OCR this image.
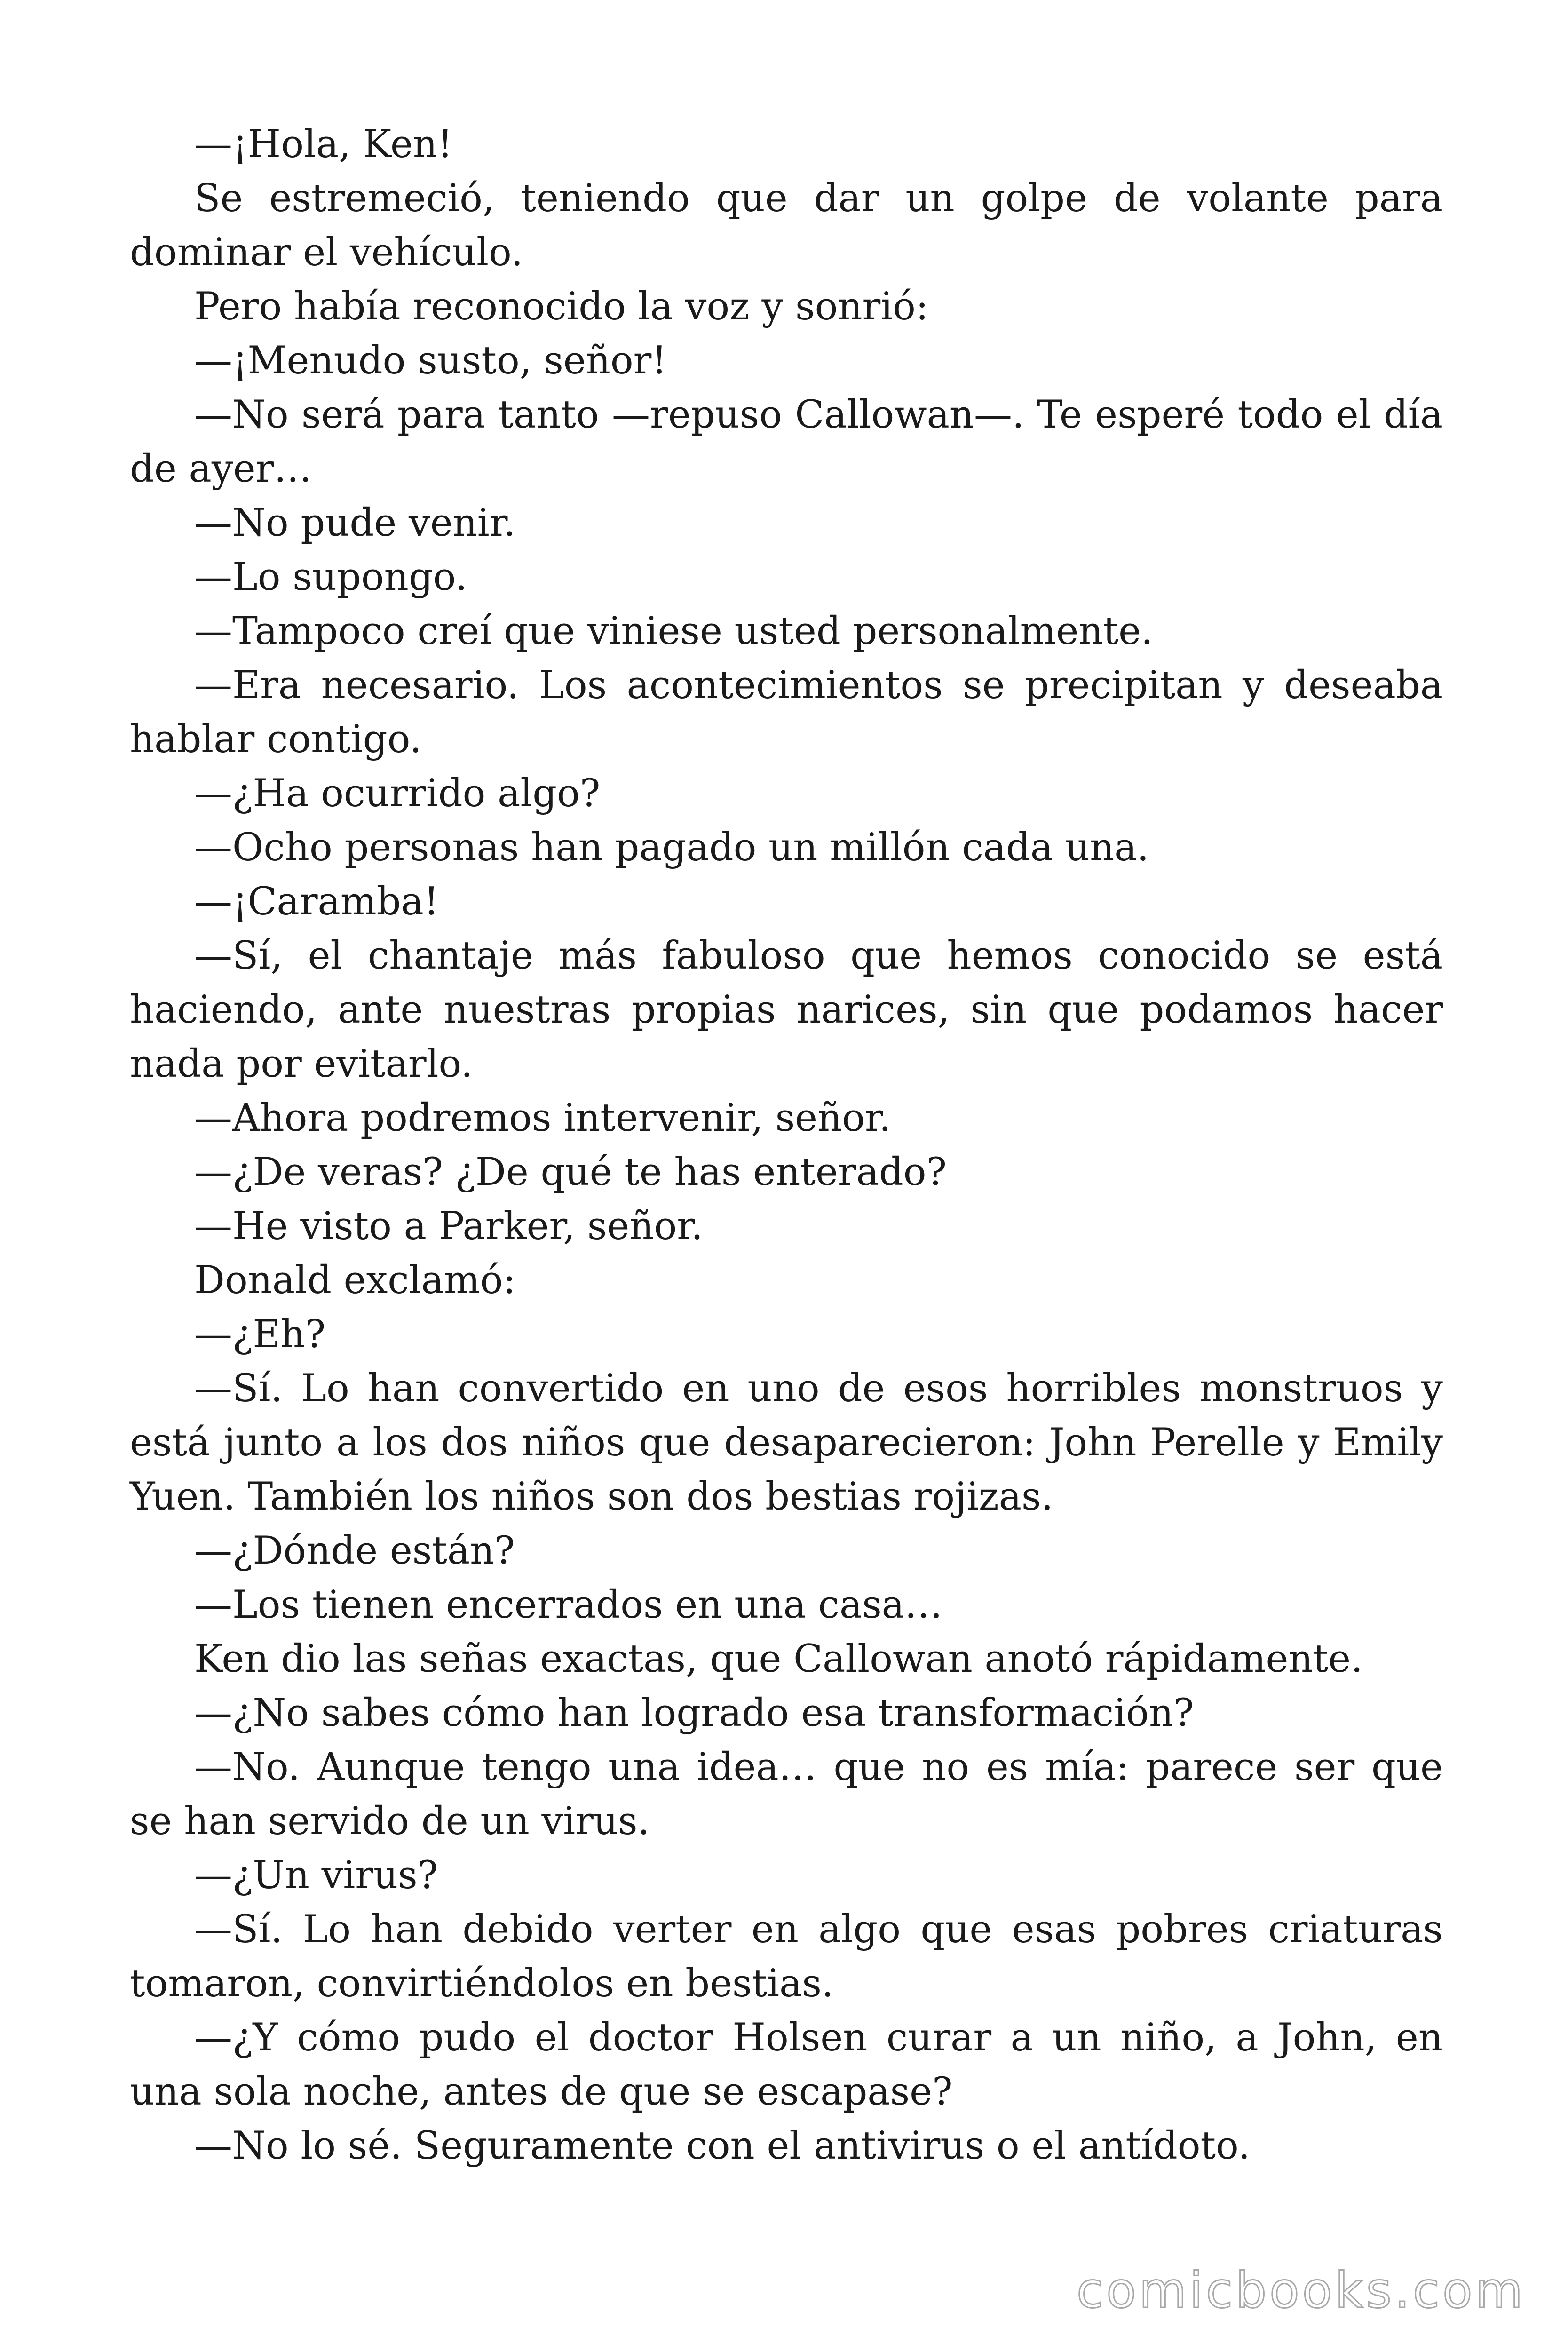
—¡Hola, Ken!

Se estremeció, teniendo que dar un golpe de volante para dominar el vehículo.

Pero había reconocido la voz y sonrió:

—¡Menudo susto, señor!

—No será para tanto —repuso Callowan—. Te esperé todo el día de ayer…

—No pude venir.

—Lo supongo.

—Tampoco creí que viniese usted personalmente.

—Era necesario. Los acontecimientos se precipitan y deseaba hablar contigo.

—¿Ha ocurrido algo?

—Ocho personas han pagado un millón cada una.

—¡Caramba!

—Sí, el chantaje más fabuloso que hemos conocido se está haciendo, ante nuestras propias narices, sin que podamos hacer nada por evitarlo.

—Ahora podremos intervenir, señor.

—¿De veras? ¿De qué te has enterado?

—He visto a Parker, señor.

Donald exclamó:

—¿Eh?

—Sí. Lo han convertido en uno de esos horribles monstruos y está junto a los dos niños que desaparecieron: John Perelle y Emily Yuen. También los niños son dos bestias rojizas.

—¿Dónde están?

—Los tienen encerrados en una casa…

Ken dio las señas exactas, que Callowan anotó rápidamente.

—¿No sabes cómo han logrado esa transformación?

—No. Aunque tengo una idea… que no es mía: parece ser que se han servido de un virus.

—¿Un virus?

—Sí. Lo han debido verter en algo que esas pobres criaturas tomaron, convirtiéndolos en bestias.

—¿Y cómo pudo el doctor Holsen curar a un niño, a John, en una sola noche, antes de que se escapase?

—No lo sé. Seguramente con el antivirus o el antídoto.

comicbooks.com
